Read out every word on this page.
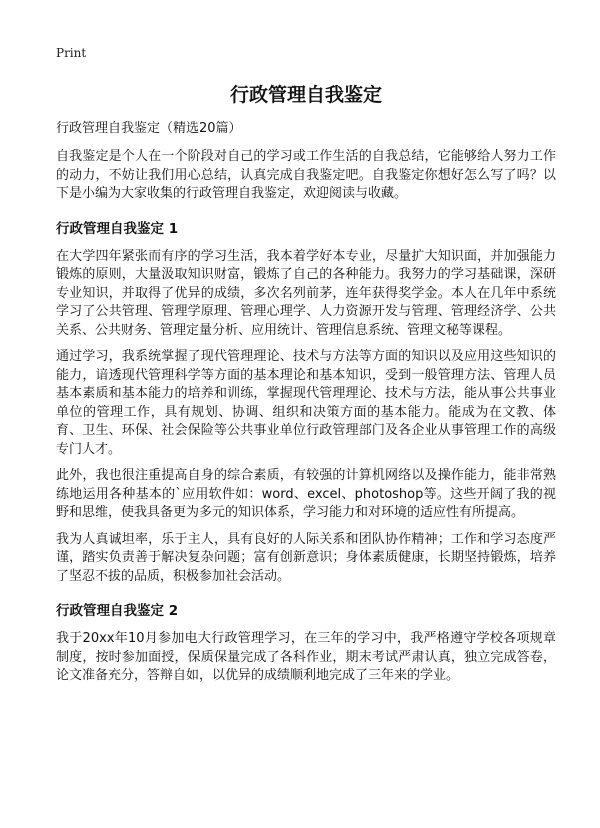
Print
行政管理自我鉴定
行政管理自我鉴定（精选20篇）

自我鉴定是个人在一个阶段对自己的学习或工作生活的自我总结，它能够给人努力工作的动力，不妨让我们用心总结，认真完成自我鉴定吧。自我鉴定你想好怎么写了吗？以下是小编为大家收集的行政管理自我鉴定，欢迎阅读与收藏。

行政管理自我鉴定 1

在大学四年紧张而有序的学习生活，我本着学好本专业，尽量扩大知识面，并加强能力锻炼的原则，大量汲取知识财富，锻炼了自己的各种能力。我努力的学习基础课，深研专业知识，并取得了优异的成绩，多次名列前茅，连年获得奖学金。本人在几年中系统学习了公共管理、管理学原理、管理心理学、人力资源开发与管理、管理经济学、公共关系、公共财务、管理定量分析、应用统计、管理信息系统、管理文秘等课程。

通过学习，我系统掌握了现代管理理论、技术与方法等方面的知识以及应用这些知识的能力，谙透现代管理科学等方面的基本理论和基本知识，受到一般管理方法、管理人员基本素质和基本能力的培养和训练，掌握现代管理理论、技术与方法，能从事公共事业单位的管理工作，具有规划、协调、组织和决策方面的基本能力。能成为在文教、体育、卫生、环保、社会保险等公共事业单位行政管理部门及各企业从事管理工作的高级专门人才。

此外，我也很注重提高自身的综合素质，有较强的计算机网络以及操作能力，能非常熟练地运用各种基本的`应用软件如：word、excel、photoshop等。这些开阔了我的视野和思维，使我具备更为多元的知识体系，学习能力和对环境的适应性有所提高。

我为人真诚坦率，乐于主人，具有良好的人际关系和团队协作精神；工作和学习态度严谨，踏实负责善于解决复杂问题；富有创新意识；身体素质健康，长期坚持锻炼，培养了坚忍不拔的品质，积极参加社会活动。

行政管理自我鉴定 2

我于20xx年10月参加电大行政管理学习，在三年的学习中，我严格遵守学校各项规章制度，按时参加面授，保质保量完成了各科作业，期末考试严肃认真，独立完成答卷，论文准备充分，答辩自如，以优异的成绩顺利地完成了三年来的学业。
